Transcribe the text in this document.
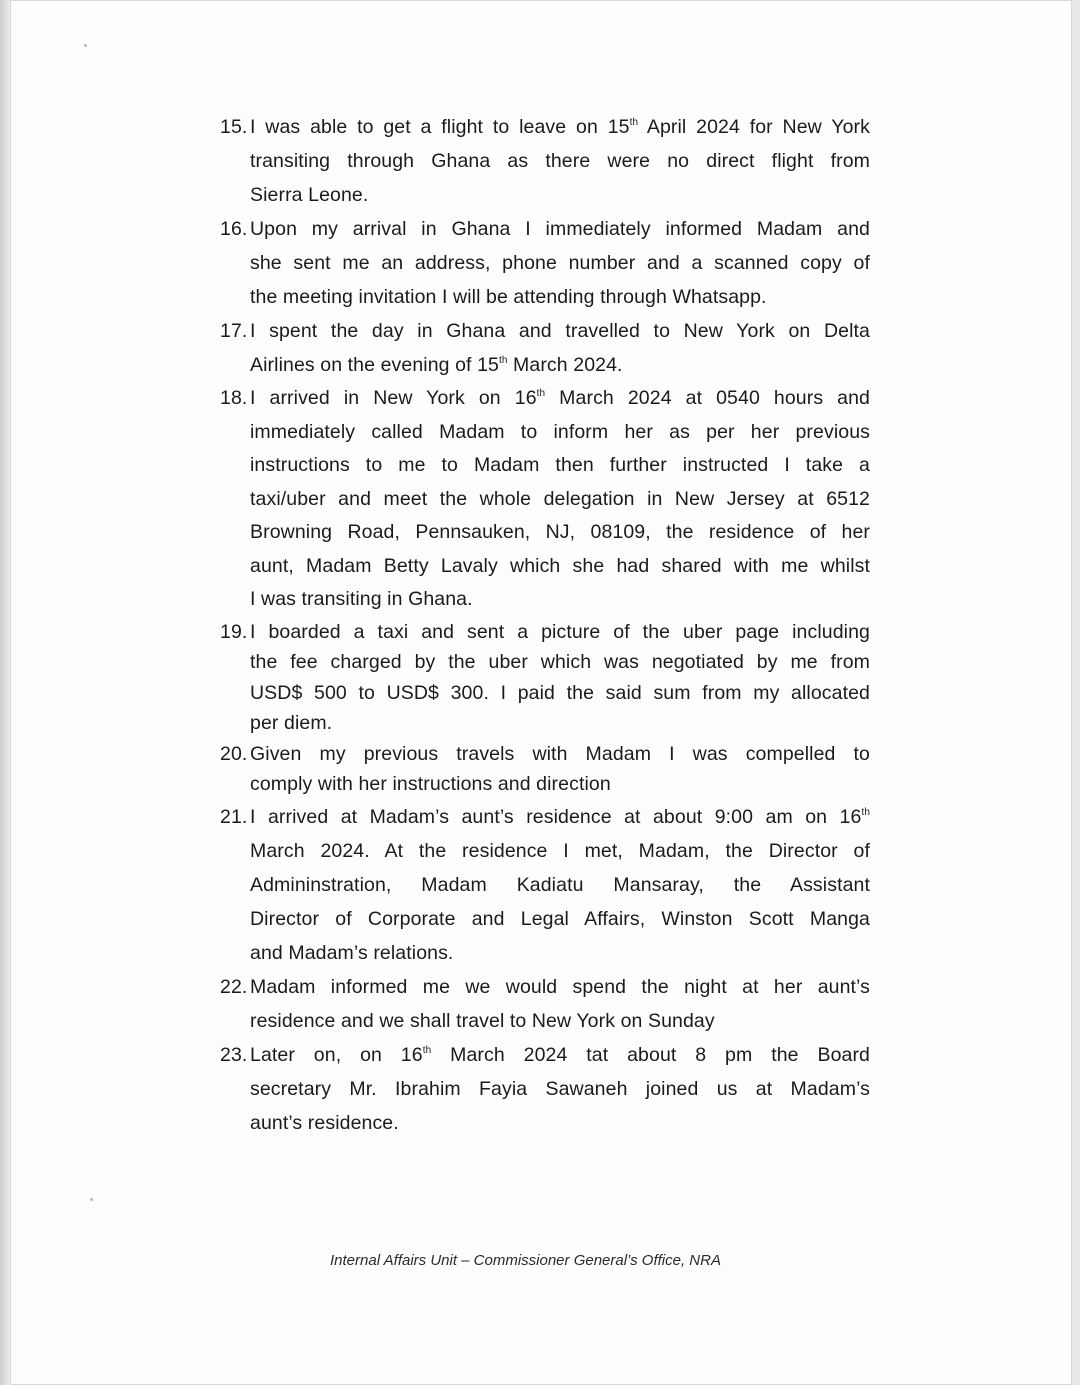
15. I was able to get a flight to leave on 15th April 2024 for New York
transiting through Ghana as there were no direct flight from
Sierra Leone.
16. Upon my arrival in Ghana I immediately informed Madam and
she sent me an address, phone number and a scanned copy of
the meeting invitation I will be attending through Whatsapp.
17. I spent the day in Ghana and travelled to New York on Delta
Airlines on the evening of 15th March 2024.
18. I arrived in New York on 16th March 2024 at 0540 hours and
immediately called Madam to inform her as per her previous
instructions to me to Madam then further instructed I take a
taxi/uber and meet the whole delegation in New Jersey at 6512
Browning Road, Pennsauken, NJ, 08109, the residence of her
aunt, Madam Betty Lavaly which she had shared with me whilst
I was transiting in Ghana.
19. I boarded a taxi and sent a picture of the uber page including
the fee charged by the uber which was negotiated by me from
USD$ 500 to USD$ 300. I paid the said sum from my allocated
per diem.
20. Given my previous travels with Madam I was compelled to
comply with her instructions and direction
21. I arrived at Madam’s aunt’s residence at about 9:00 am on 16th
March 2024. At the residence I met, Madam, the Director of
Admininstration, Madam Kadiatu Mansaray, the Assistant
Director of Corporate and Legal Affairs, Winston Scott Manga
and Madam’s relations.
22. Madam informed me we would spend the night at her aunt’s
residence and we shall travel to New York on Sunday
23. Later on, on 16th March 2024 tat about 8 pm the Board
secretary Mr. Ibrahim Fayia Sawaneh joined us at Madam’s
aunt’s residence.
Internal Affairs Unit – Commissioner General’s Office, NRA
